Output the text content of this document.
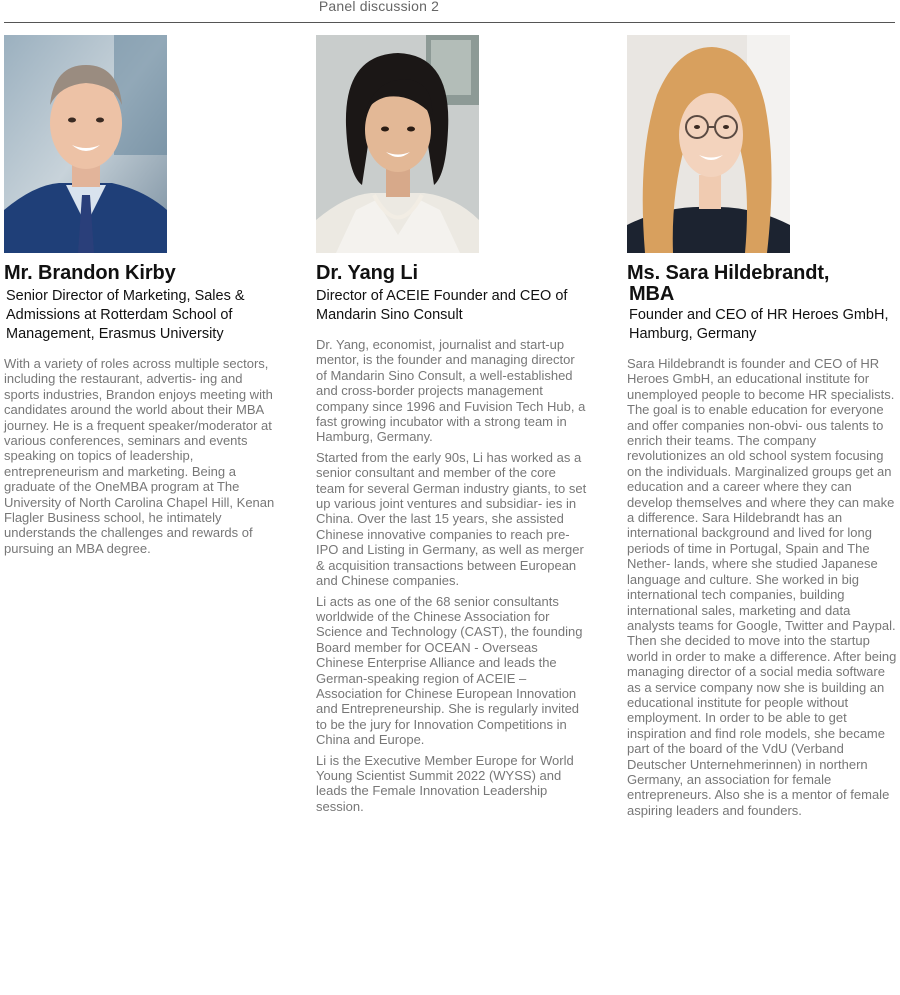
Panel discussion 2
Mr. Brandon Kirby
Senior Director of Marketing, Sales & Admissions at Rotterdam School of Management, Erasmus University

With a variety of roles across multiple sectors, including the restaurant, advertis- ing and sports industries, Brandon enjoys meeting with candidates around the world about their MBA journey. He is a frequent speaker/moderator at various conferences, seminars and events speaking on topics of leadership, entrepreneurism and marketing. Being a graduate of the OneMBA program at The University of North Carolina Chapel Hill, Kenan Flagler Business school, he intimately understands the challenges and rewards of pursuing an MBA degree.

Dr. Yang Li
Director of ACEIE Founder and CEO of Mandarin Sino Consult

Dr. Yang, economist, journalist and start-up mentor, is the founder and managing director of Mandarin Sino Consult, a well-established and cross-border projects management company since 1996 and Fuvision Tech Hub, a fast growing incubator with a strong team in Hamburg, Germany.

Started from the early 90s, Li has worked as a senior consultant and member of the core team for several German industry giants, to set up various joint ventures and subsidiar- ies in China. Over the last 15 years, she assisted Chinese innovative companies to reach pre-IPO and Listing in Germany, as well as merger & acquisition transactions between European and Chinese companies.

Li acts as one of the 68 senior consultants worldwide of the Chinese Association for Science and Technology (CAST), the founding Board member for OCEAN - Overseas Chinese Enterprise Alliance and leads the German-speaking region of ACEIE – Association for Chinese European Innovation and Entrepreneurship. She is regularly invited to be the jury for Innovation Competitions in China and Europe.

Li is the Executive Member Europe for World Young Scientist Summit 2022 (WYSS) and leads the Female Innovation Leadership session.

Ms. Sara Hildebrandt,
MBA
Founder and CEO of HR Heroes GmbH, Hamburg, Germany

Sara Hildebrandt is founder and CEO of HR Heroes GmbH, an educational institute for unemployed people to become HR specialists. The goal is to enable education for everyone and offer companies non-obvi- ous talents to enrich their teams. The company revolutionizes an old school system focusing on the individuals. Marginalized groups get an education and a career where they can develop themselves and where they can make a difference. Sara Hildebrandt has an international background and lived for long periods of time in Portugal, Spain and The Nether- lands, where she studied Japanese language and culture. She worked in big international tech companies, building international sales, marketing and data analysts teams for Google, Twitter and Paypal. Then she decided to move into the startup world in order to make a difference. After being managing director of a social media software as a service company now she is building an educational institute for people without employment. In order to be able to get inspiration and find role models, she became part of the board of the VdU (Verband Deutscher Unternehmerinnen) in northern Germany, an association for female entrepreneurs. Also she is a mentor of female aspiring leaders and founders.
